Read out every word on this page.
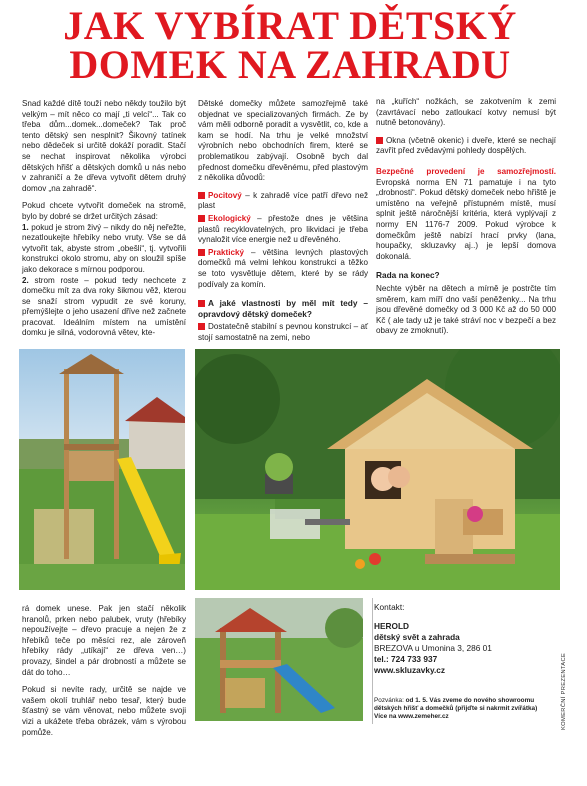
JAK VYBÍRAT DĚTSKÝ
DOMEK NA ZAHRADU

Snad každé dítě touží nebo někdy toužilo být velkým – mít něco co mají „ti velcí“... Tak co třeba dům...domek...domeček? Tak proč tento dětský sen nesplnit? Šikovný tatínek nebo dědeček si určitě dokáží poradit. Stačí se nechat inspirovat několika výrobci dětských hřišť a dětských domků u nás nebo v zahraničí a že dřeva vytvořit dětem druhý domov „na zahradě“.

Pokud chcete vytvořit domeček na stromě, bylo by dobré se držet určitých zásad:

1. pokud je strom živý – nikdy do něj neřežte, nezatloukejte hřebíky nebo vruty. Vše se dá vytvořit tak, abyste strom „obešli“, tj. vytvořili konstrukci okolo stromu, aby on sloužil spíše jako dekorace s mírnou podporou.

2. strom roste – pokud tedy nechcete z domečku mít za dva roky šikmou věž, kterou se snaží strom vypudit ze své koruny, přemýšlejte o jeho usazení dříve než začnete pracovat. Ideálním místem na umístění domku je silná, vodorovná větev, kte-

Dětské domečky můžete samozřejmě také objednat ve specializovaných firmách. Ze by vám měli odborně poradit a vysvětlit, co, kde a kam se hodí. Na trhu je velké množství výrobních nebo obchodních firem, které se problematikou zabývají. Osobně bych dal přednost domečku dřevěnému, před plastovým z několika důvodů:

Pocitový – k zahradě více patří dřevo než plast

Ekologický – přestože dnes je většina plastů recyklovatelných, pro likvidaci je třeba vynaložit více energie než u dřevěného.

Praktický – většina levných plastových domečků má velmi lehkou konstrukci a těžko se toto vysvětluje dětem, které by se rády podívaly za komín.

A jaké vlastnosti by měl mít tedy – opravdový dětský domeček?

Dostatečně stabilní s pevnou konstrukcí – ať stojí samostatně na zemi, nebo

na „kuřích“ nožkách, se zakotvením k zemi (zavrtávací nebo zatloukací kotvy nemusí být nutně betonovány).

Okna (včetně okenic) i dveře, které se nechají zavřít před zvědavými pohledy dospělých.

Bezpečné provedení je samozřejmostí. Evropská norma EN 71 pamatuje i na tyto „drobnosti“. Pokud dětský domeček nebo hřiště je umístěno na veřejně přístupném místě, musí splnit ještě náročnější kritéria, která vyplývají z normy EN 1176-7 2009. Pokud výrobce k domečkům ještě nabízí hrací prvky (lana, houpačky, skluzavky aj..) je lepší domova dokonalá.

Rada na konec?

Nechte výběr na dětech a mírně je postrčte tím směrem, kam míří dno vaší peněženky... Na trhu jsou dřevěné domečky od 3 000 Kč až do 50 000 Kč ( ale tady už je také stráví noc v bezpečí a bez obavy ze zmoknutí).

rá domek unese. Pak jen stačí několik hranolů, prken nebo palubek, vruty (hřebíky nepoužívejte – dřevo pracuje a nejen že z hřebíků teče po měsíci rez, ale zároveň hřebíky rády „utíkají“ ze dřeva ven…) provazy, šindel a pár drobností a můžete se dát do toho…

Pokud si nevíte rady, určitě se najde ve vašem okolí truhlář nebo tesař, který bude šťastný se vám věnovat, nebo můžete svoji vizi a ukážete třeba obrázek, vám s výrobou pomůže.

Kontakt:
HEROLD
dětský svět a zahrada
BREZOVA u Umonina 3, 286 01
tel.: 724 733 937
www.skluzavky.cz
Pozvánka: od 1. 5. Vás zveme do nového showroomu dětských hřišť a domečků (přijďte si nakrmit zvířátka) Více na www.zemeher.cz	KOMERČNÍ PREZENTACE
